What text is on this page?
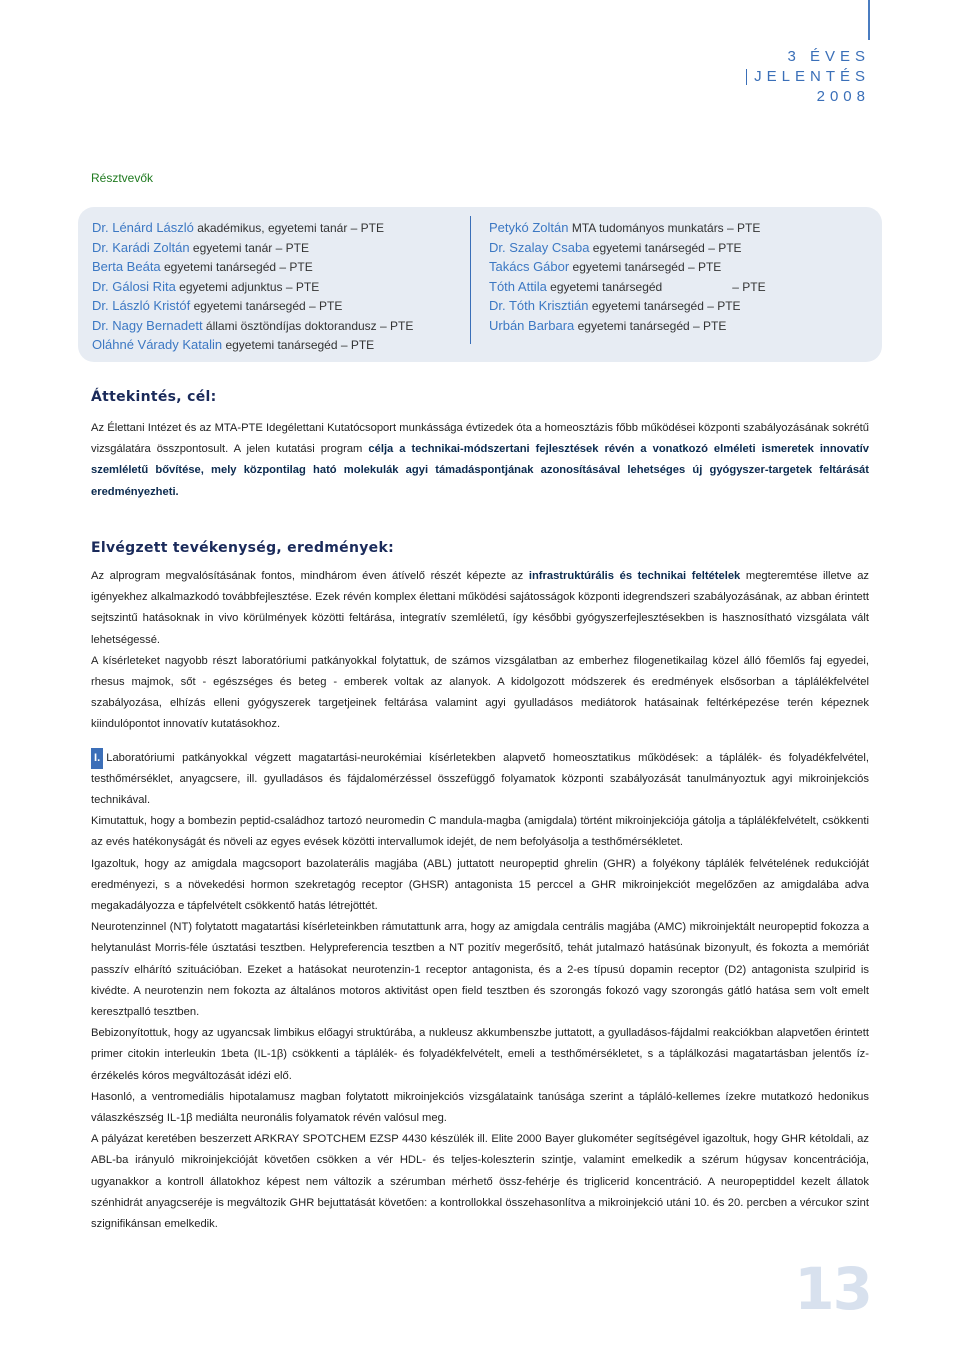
3 ÉVES
JELENTÉS
2008
Résztvevők
Dr. Lénárd László akadémikus, egyetemi tanár – PTE
Dr. Karádi Zoltán egyetemi tanár – PTE
Berta Beáta egyetemi tanársegéd – PTE
Dr. Gálosi Rita egyetemi adjunktus – PTE
Dr. László Kristóf egyetemi tanársegéd – PTE
Dr. Nagy Bernadett állami ösztöndíjas doktorandusz – PTE
Oláhné Várady Katalin egyetemi tanársegéd – PTE
Petykó Zoltán MTA tudományos munkatárs – PTE
Dr. Szalay Csaba egyetemi tanársegéd – PTE
Takács Gábor egyetemi tanársegéd – PTE
Tóth Attila egyetemi tanársegéd	– PTE
Dr. Tóth Krisztián egyetemi tanársegéd – PTE
Urbán Barbara egyetemi tanársegéd – PTE
Áttekintés, cél:

Az Élettani Intézet és az MTA-PTE Idegélettani Kutatócsoport munkássága évtizedek óta a homeosztázis főbb működései központi szabályozásának sokrétű vizsgálatára összpontosult. A jelen kutatási program célja a technikai-módszertani fejlesztések révén a vonatkozó elméleti ismeretek innovatív szemléletű bővítése, mely központilag ható molekulák agyi támadáspontjának azonosításával lehetséges új gyógyszer-targetek feltárását eredményezheti.

Elvégzett tevékenység, eredmények:

Az alprogram megvalósításának fontos, mindhárom éven átívelő részét képezte az infrastruktúrális és technikai feltételek megteremtése illetve az igényekhez alkalmazkodó továbbfejlesztése. Ezek révén komplex élettani működési sajátosságok központi idegrendszeri szabályozásának, az abban érintett sejtszintű hatásoknak in vivo körülmények közötti feltárása, integratív szemléletű, így későbbi gyógyszerfejlesztésekben is hasznosítható vizsgálata vált lehetségessé.

A kísérleteket nagyobb részt laboratóriumi patkányokkal folytattuk, de számos vizsgálatban az emberhez filogenetikailag közel álló főemlős faj egyedei, rhesus majmok, sőt - egészséges és beteg - emberek voltak az alanyok. A kidolgozott módszerek és eredmények elsősorban a táplálékfelvétel szabályozása, elhízás elleni gyógyszerek targetjeinek feltárása valamint agyi gyulladásos mediátorok hatásainak feltérképezése terén képeznek kiindulópontot innovatív kutatásokhoz.

I. Laboratóriumi patkányokkal végzett magatartási-neurokémiai kísérletekben alapvető homeosztatikus működések: a táplálék- és folyadékfelvétel, testhőmérséklet, anyagcsere, ill. gyulladásos és fájdalomérzéssel összefüggő folyamatok központi szabályozását tanulmányoztuk agyi mikroinjekciós technikával.

Kimutattuk, hogy a bombezin peptid-családhoz tartozó neuromedin C mandula-magba (amigdala) történt mikroinjekciója gátolja a táplálékfelvételt, csökkenti az evés hatékonyságát és növeli az egyes evések közötti intervallumok idejét, de nem befolyásolja a testhőmérsékletet.

Igazoltuk, hogy az amigdala magcsoport bazolaterális magjába (ABL) juttatott neuropeptid ghrelin (GHR) a folyékony táplálék felvételének redukcióját eredményezi, s a növekedési hormon szekretagóg receptor (GHSR) antagonista 15 perccel a GHR mikroinjekciót megelőzően az amigdalába adva megakadályozza e tápfelvételt csökkentő hatás létrejöttét.

Neurotenzinnel (NT) folytatott magatartási kísérleteinkben rámutattunk arra, hogy az amigdala centrális magjába (AMC) mikroinjektált neuropeptid fokozza a helytanulást Morris-féle úsztatási tesztben. Helypreferencia tesztben a NT pozitív megerősítő, tehát jutalmazó hatásúnak bizonyult, és fokozta a memóriát passzív elhárító szituációban. Ezeket a hatásokat neurotenzin-1 receptor antagonista, és a 2-es típusú dopamin receptor (D2) antagonista szulpirid is kivédte. A neurotenzin nem fokozta az általános motoros aktivitást open field tesztben és szorongás fokozó vagy szorongás gátló hatása sem volt emelt keresztpalló tesztben.

Bebizonyítottuk, hogy az ugyancsak limbikus előagyi struktúrába, a nukleusz akkumbenszbe juttatott, a gyulladásos-fájdalmi reakciókban alapvetően érintett primer citokin interleukin 1beta (IL-1β) csökkenti a táplálék- és folyadékfelvételt, emeli a testhőmérsékletet, s a táplálkozási magatartásban jelentős íz-érzékelés kóros megváltozását idézi elő.

Hasonló, a ventromediális hipotalamusz magban folytatott mikroinjekciós vizsgálataink tanúsága szerint a tápláló-kellemes ízekre mutatkozó hedonikus válaszkészség IL-1β mediálta neuronális folyamatok révén valósul meg.

A pályázat keretében beszerzett ARKRAY SPOTCHEM EZSP 4430 készülék ill. Elite 2000 Bayer glukométer segítségével igazoltuk, hogy GHR kétoldali, az ABL-ba irányuló mikroinjekcióját követően csökken a vér HDL- és teljes-koleszterin szintje, valamint emelkedik a szérum húgysav koncentrációja, ugyanakkor a kontroll állatokhoz képest nem változik a szérumban mérhető össz-fehérje és triglicerid koncentráció. A neuropeptiddel kezelt állatok szénhidrát anyagcseréje is megváltozik GHR bejuttatását követően: a kontrollokkal összehasonlítva a mikroinjekció utáni 10. és 20. percben a vércukor szint szignifikánsan emelkedik.

13
